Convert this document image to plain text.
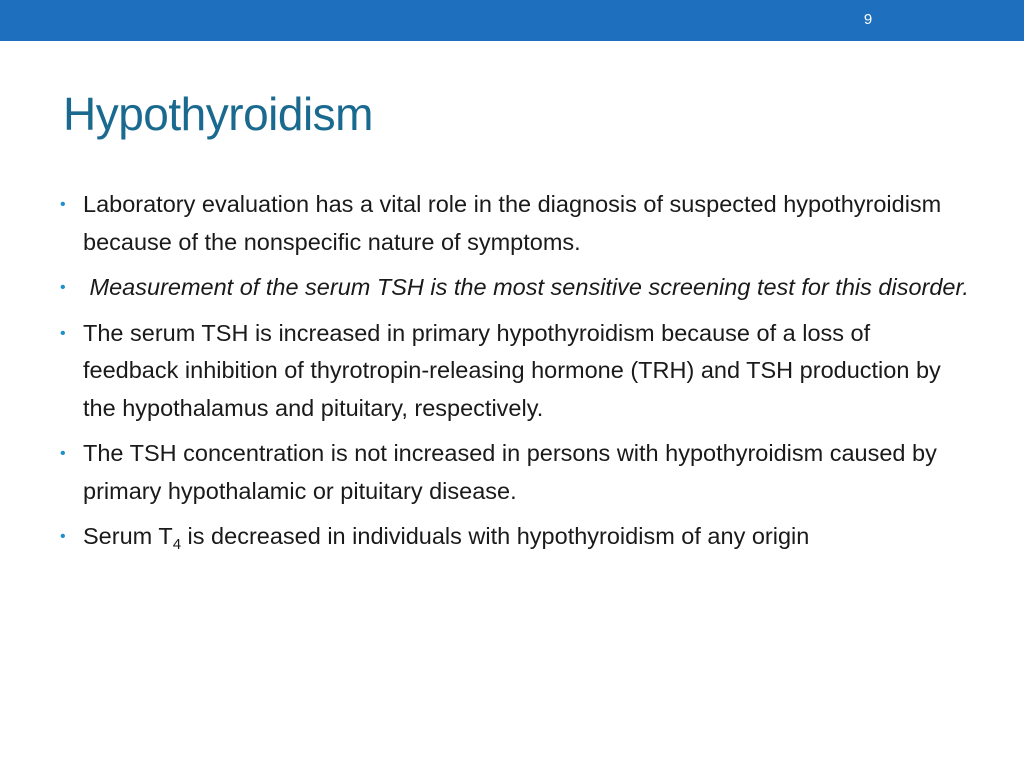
9
Hypothyroidism
• Laboratory evaluation has a vital role in the diagnosis of suspected hypothyroidism because of the nonspecific nature of symptoms.
• Measurement of the serum TSH is the most sensitive screening test for this disorder.
• The serum TSH is increased in primary hypothyroidism because of a loss of feedback inhibition of thyrotropin-releasing hormone (TRH) and TSH production by the hypothalamus and pituitary, respectively.
• The TSH concentration is not increased in persons with hypothyroidism caused by primary hypothalamic or pituitary disease.
• Serum $T_4$ is decreased in individuals with hypothyroidism of any origin
